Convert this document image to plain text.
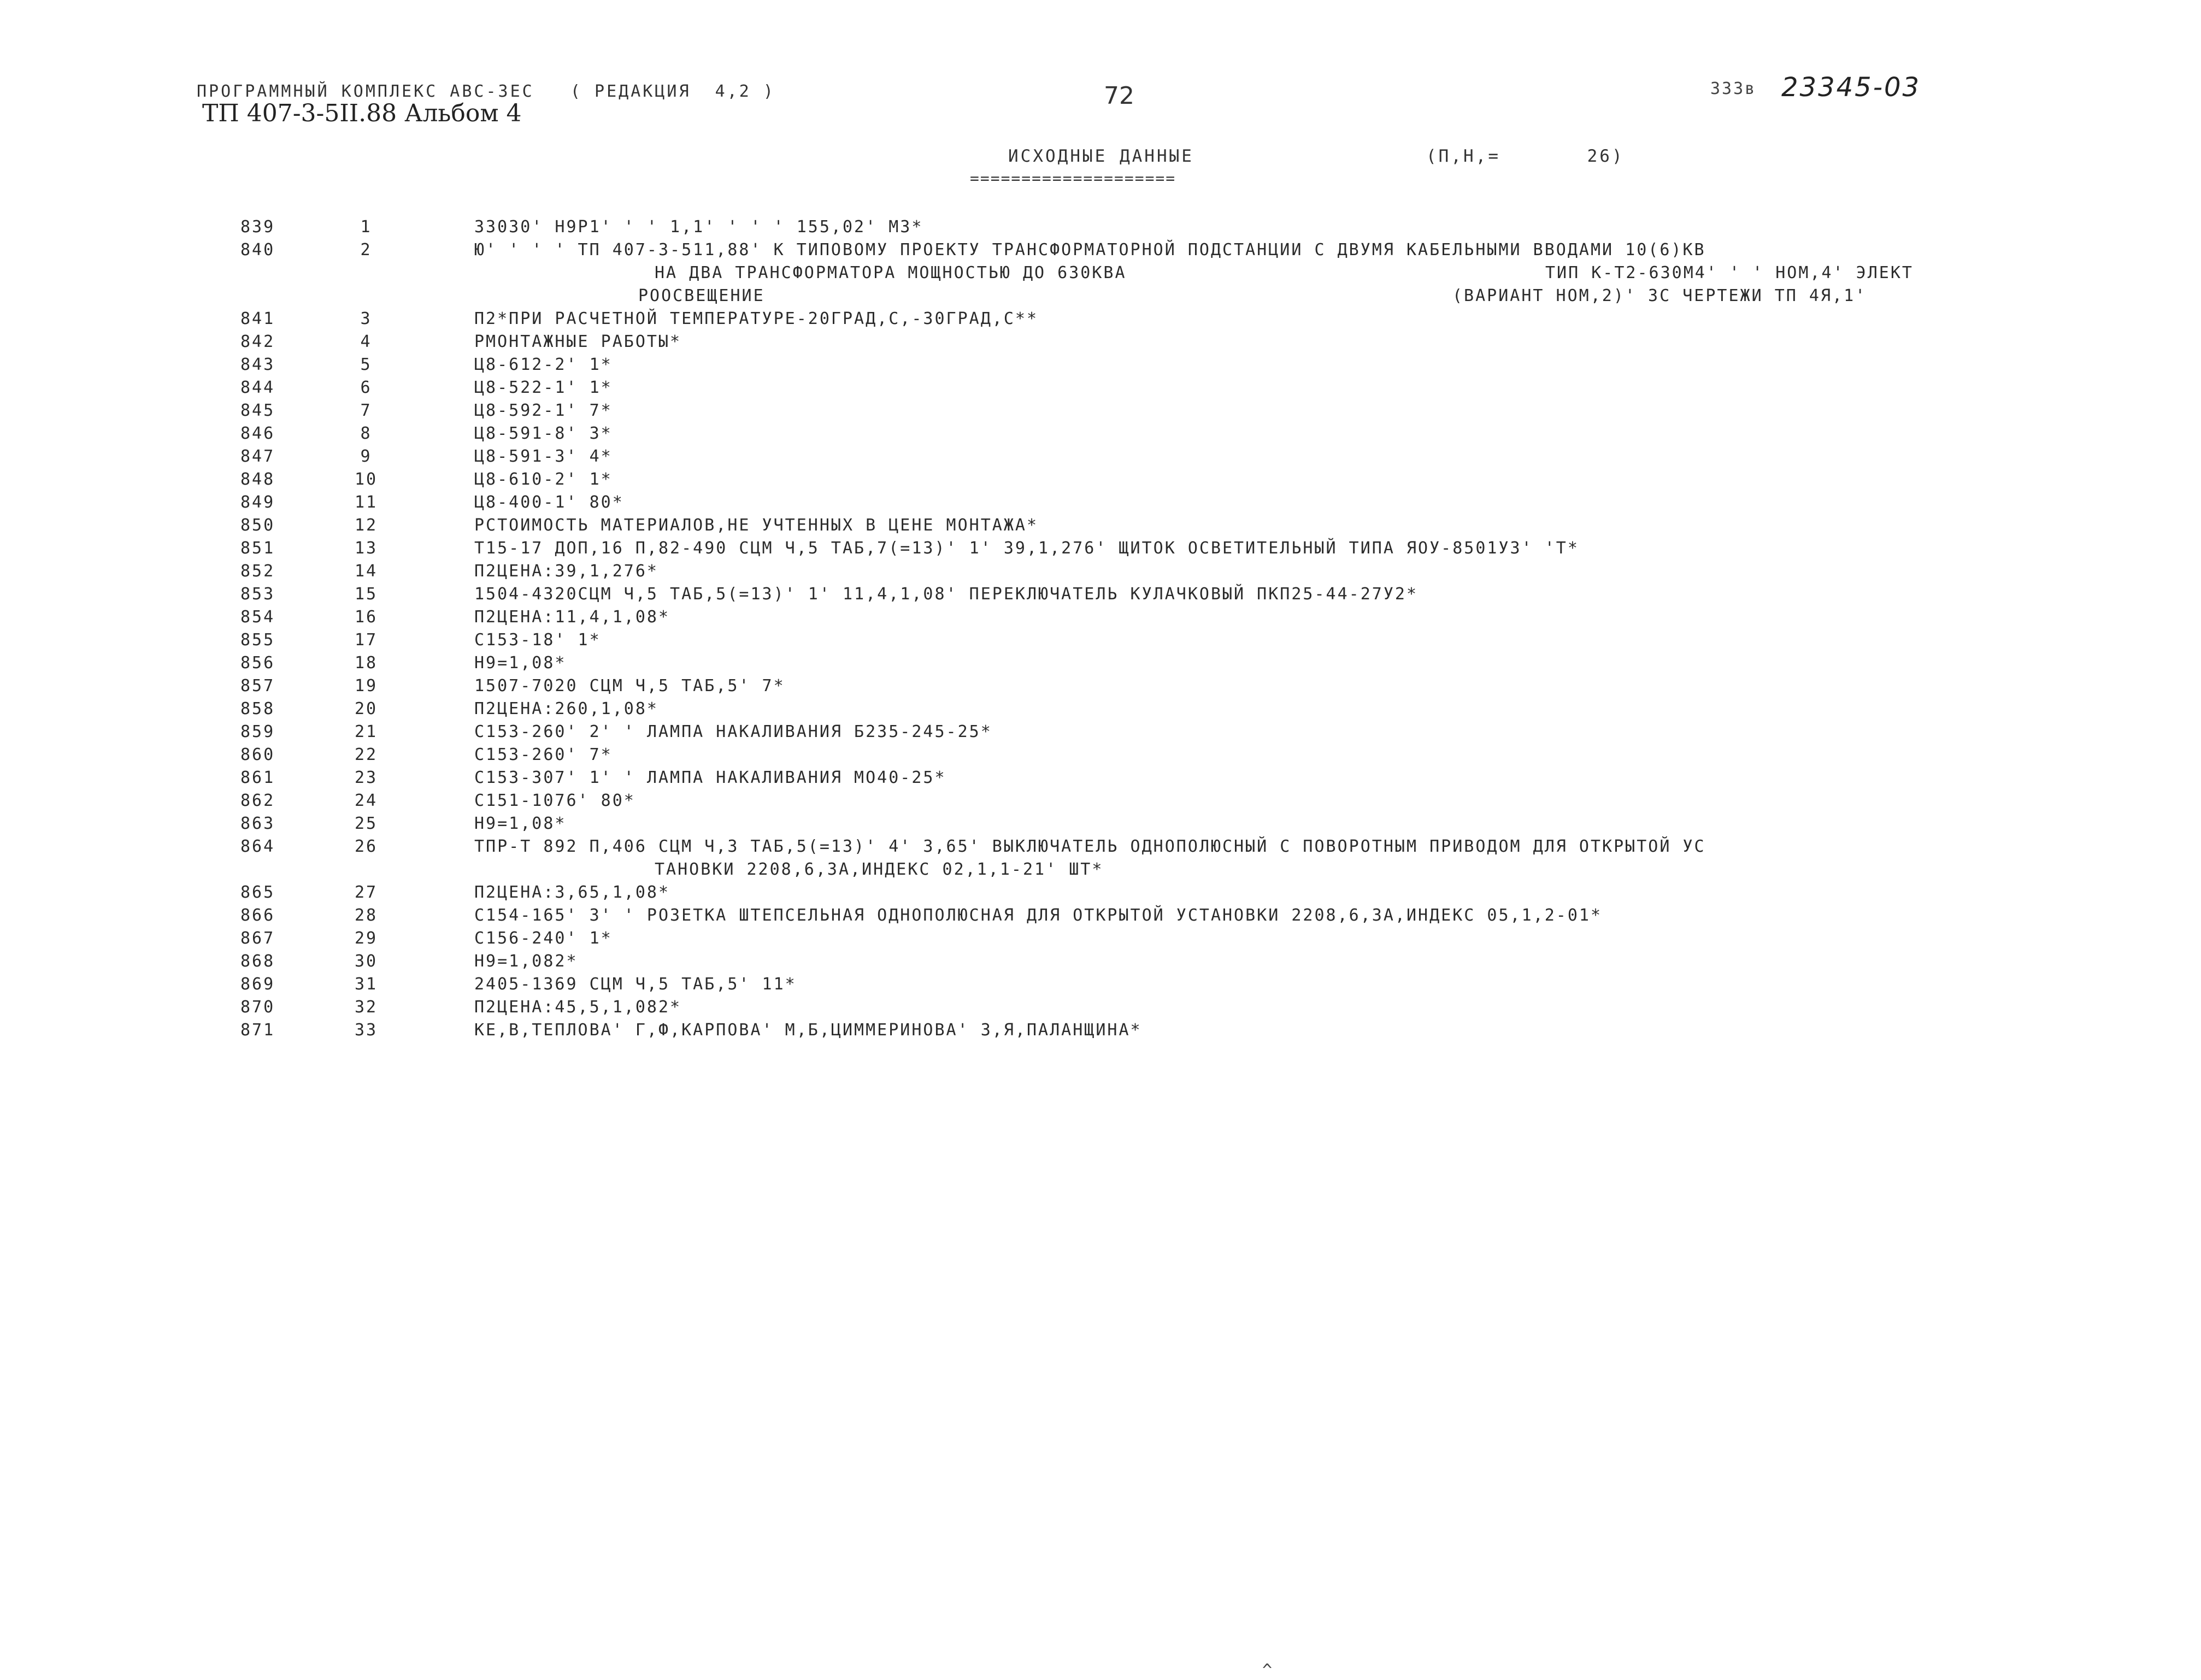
ПРОГРАММНЫЙ КОМПЛЕКС АВС-3ЕС   ( РЕДАКЦИЯ  4,2 )
ТП 407-3-5II.88 Альбом 4
72	333в 23345-03
ИСХОДНЫЕ ДАННЫЕ
====================
(П,Н,=       26)
839	1	33030' Н9Р1' ' ' 1,1' ' ' ' 155,02' М3*
840	2	Ю' ' ' ' ТП 407-3-511,88' К ТИПОВОМУ ПРОЕКТУ ТРАНСФОРМАТОРНОЙ ПОДСТАНЦИИ С ДВУМЯ КАБЕЛЬНЫМИ ВВОДАМИ 10(6)КВ
НА ДВА ТРАНСФОРМАТОРА МОЩНОСТЬЮ ДО 630КВА	ТИП К-Т2-630М4' ' ' НОМ,4' ЭЛЕКТ
РООСВЕЩЕНИЕ	(ВАРИАНТ НОМ,2)' 3С ЧЕРТЕЖИ ТП 4Я,1'
841	3	П2*ПРИ РАСЧЕТНОЙ ТЕМПЕРАТУРЕ-20ГРАД,С,-30ГРАД,С**
842	4	РМОНТАЖНЫЕ РАБОТЫ*
843	5	Ц8-612-2' 1*
844	6	Ц8-522-1' 1*
845	7	Ц8-592-1' 7*
846	8	Ц8-591-8' 3*
847	9	Ц8-591-3' 4*
848	10	Ц8-610-2' 1*
849	11	Ц8-400-1' 80*
850	12	РСТОИМОСТЬ МАТЕРИАЛОВ,НЕ УЧТЕННЫХ В ЦЕНЕ МОНТАЖА*
851	13	Т15-17 ДОП,16 П,82-490 СЦМ Ч,5 ТАБ,7(=13)' 1' 39,1,276' ЩИТОК ОСВЕТИТЕЛЬНЫЙ ТИПА ЯОУ-8501У3' 'Т*
852	14	П2ЦЕНА:39,1,276*
853	15	1504-4320СЦМ Ч,5 ТАБ,5(=13)' 1' 11,4,1,08' ПЕРЕКЛЮЧАТЕЛЬ КУЛАЧКОВЫЙ ПКП25-44-27У2*
854	16	П2ЦЕНА:11,4,1,08*
855	17	С153-18' 1*
856	18	Н9=1,08*
857	19	1507-7020 СЦМ Ч,5 ТАБ,5' 7*
858	20	П2ЦЕНА:260,1,08*
859	21	С153-260' 2' ' ЛАМПА НАКАЛИВАНИЯ Б235-245-25*
860	22	С153-260' 7*
861	23	С153-307' 1' ' ЛАМПА НАКАЛИВАНИЯ МО40-25*
862	24	С151-1076' 80*
863	25	Н9=1,08*
864	26	ТПР-Т 892 П,406 СЦМ Ч,3 ТАБ,5(=13)' 4' 3,65' ВЫКЛЮЧАТЕЛЬ ОДНОПОЛЮСНЫЙ С ПОВОРОТНЫМ ПРИВОДОМ ДЛЯ ОТКРЫТОЙ УС
ТАНОВКИ 2208,6,3А,ИНДЕКС 02,1,1-21' ШТ*
865	27	П2ЦЕНА:3,65,1,08*
866	28	С154-165' 3' ' РОЗЕТКА ШТЕПСЕЛЬНАЯ ОДНОПОЛЮСНАЯ ДЛЯ ОТКРЫТОЙ УСТАНОВКИ 2208,6,3А,ИНДЕКС 05,1,2-01*
867	29	С156-240' 1*
868	30	Н9=1,082*
869	31	2405-1369 СЦМ Ч,5 ТАБ,5' 11*
870	32	П2ЦЕНА:45,5,1,082*
871	33	КЕ,В,ТЕПЛОВА' Г,Ф,КАРПОВА' М,Б,ЦИММЕРИНОВА' З,Я,ПАЛАНЩИНА*
^
